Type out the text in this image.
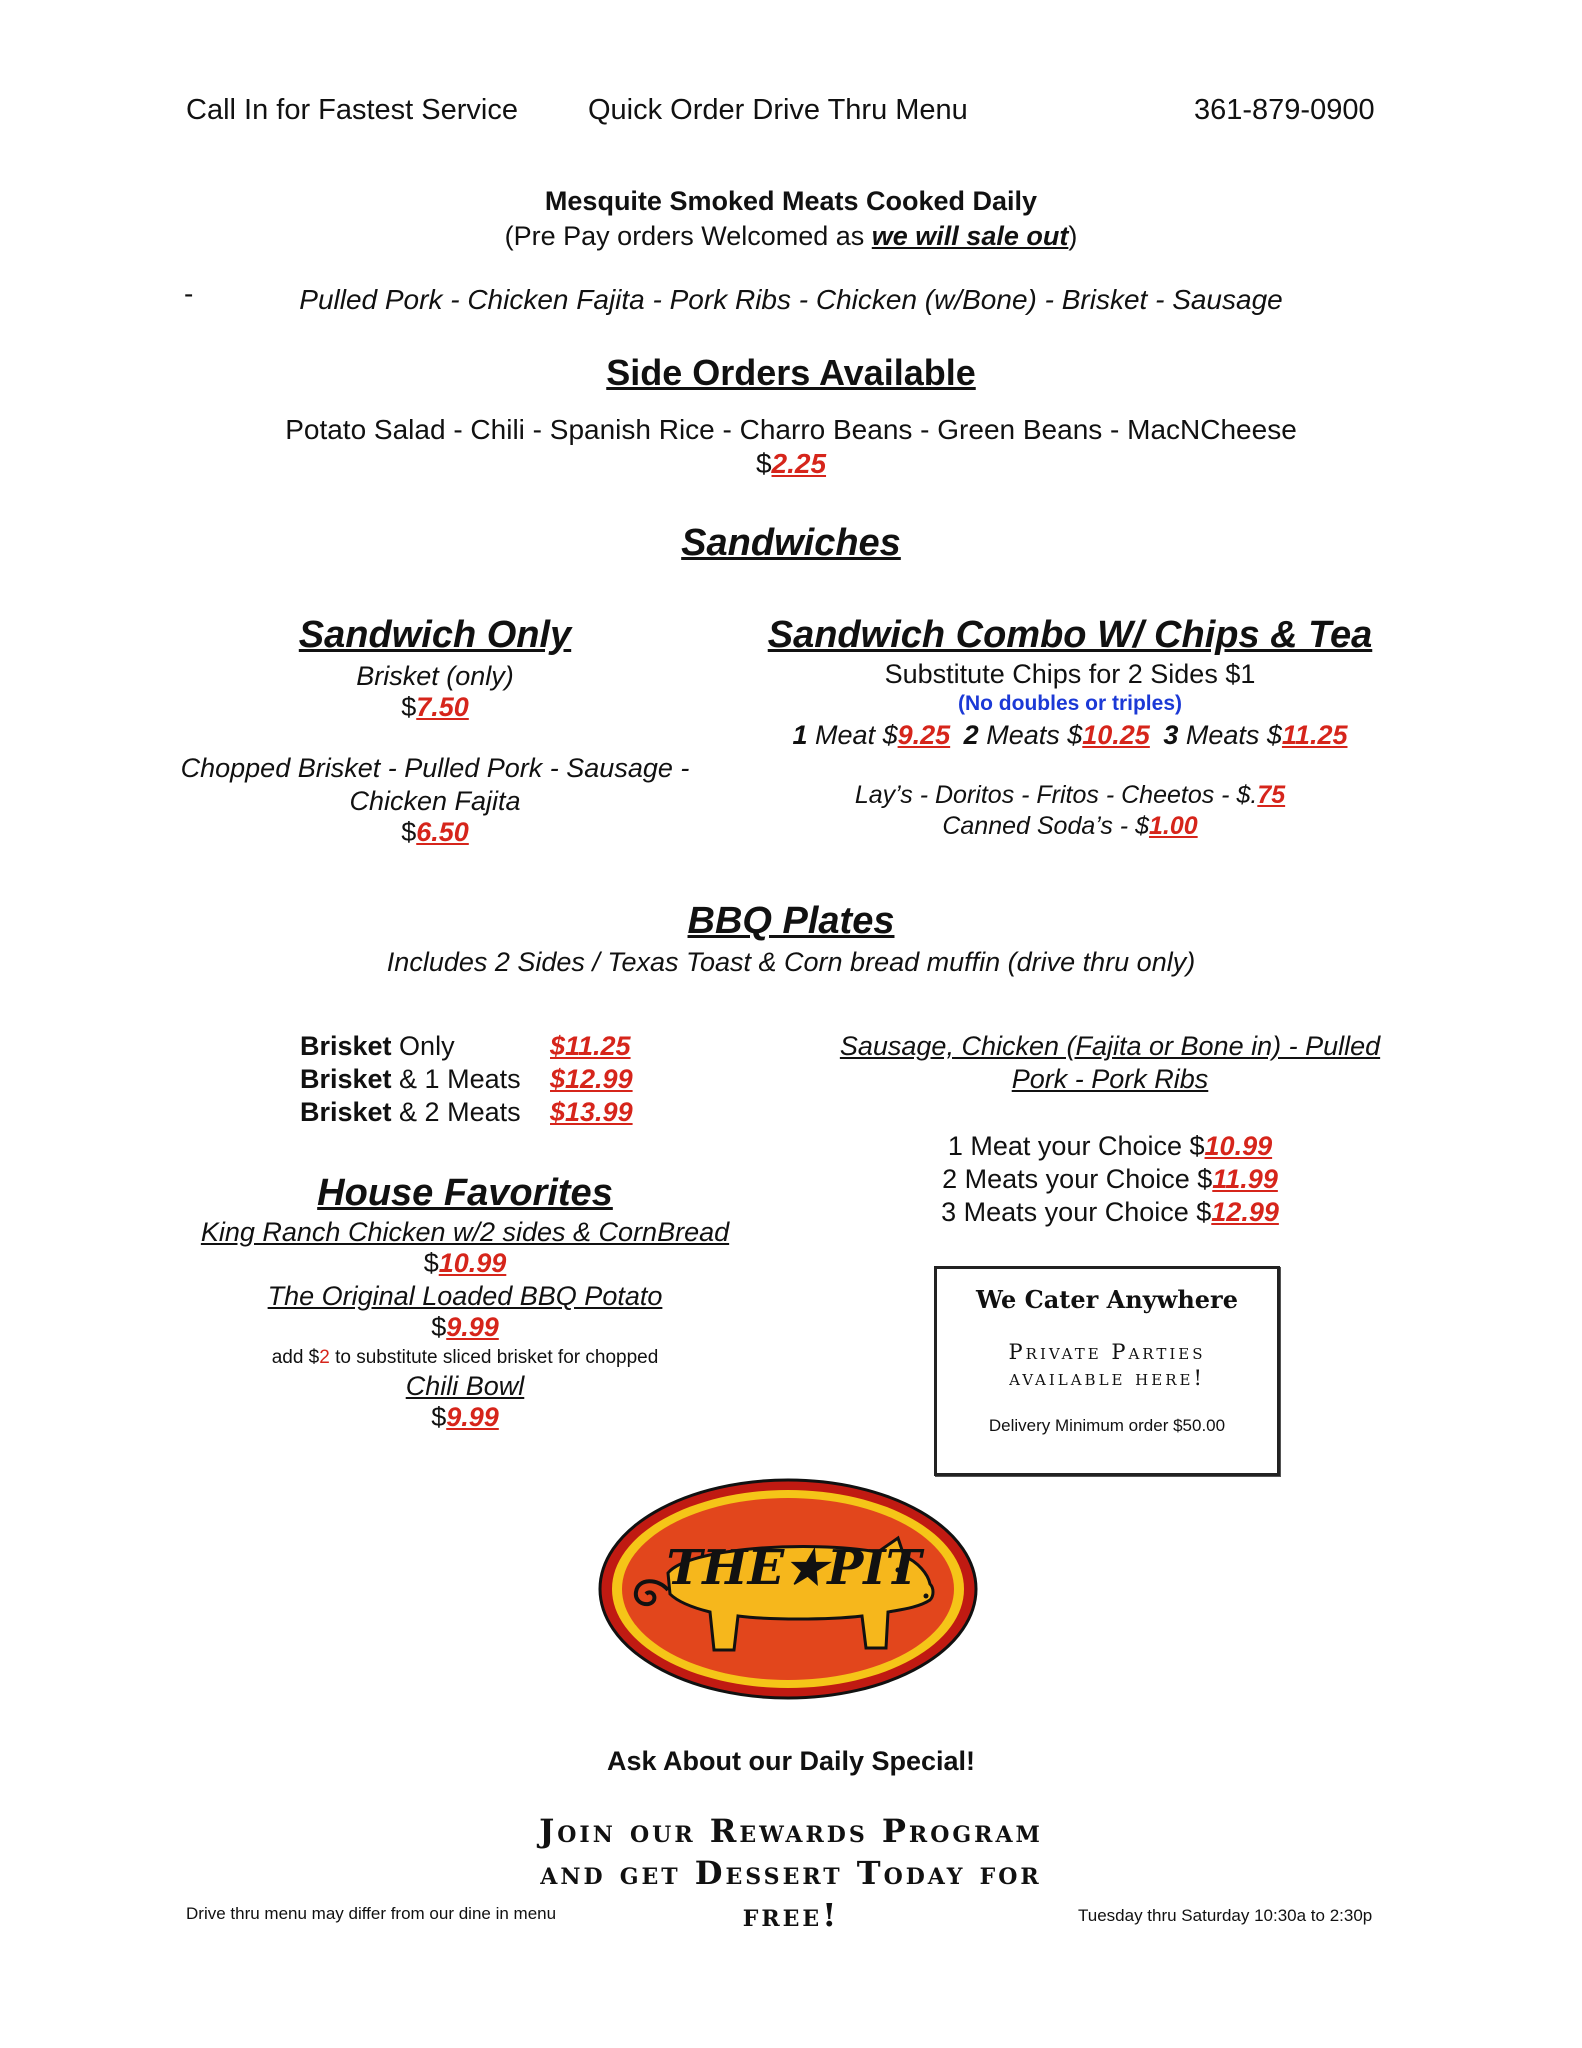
Call In for Fastest Service Quick Order Drive Thru Menu	361-879-0900
Mesquite Smoked Meats Cooked Daily
(Pre Pay orders Welcomed as we will sale out)
-	Pulled Pork - Chicken Fajita - Pork Ribs - Chicken (w/Bone) - Brisket - Sausage
Side Orders Available
Potato Salad - Chili - Spanish Rice - Charro Beans - Green Beans - MacNCheese
$2.25
Sandwiches
Sandwich Only
Brisket (only)
$7.50
Chopped Brisket - Pulled Pork - Sausage -
Chicken Fajita
$6.50
Sandwich Combo W/ Chips & Tea
Substitute Chips for 2 Sides $1
(No doubles or triples)
1 Meat $9.25 2 Meats $10.25 3 Meats $11.25
Lay’s - Doritos - Fritos - Cheetos - $.75
Canned Soda’s - $1.00
BBQ Plates
Includes 2 Sides / Texas Toast & Corn bread muffin (drive thru only)
Brisket Only	$11.25
Brisket & 1 Meats	$12.99
Brisket & 2 Meats	$13.99
Sausage, Chicken (Fajita or Bone in) - Pulled
Pork - Pork Ribs
1 Meat your Choice $10.99
2 Meats your Choice $11.99
3 Meats your Choice $12.99
House Favorites
King Ranch Chicken w/2 sides & CornBread
$10.99
The Original Loaded BBQ Potato
$9.99
add $2 to substitute sliced brisket for chopped
Chili Bowl
$9.99
We Cater Anywhere
Private Parties
available here!
Delivery Minimum order $50.00
THE★PIT
Ask About our Daily Special!
Join our Rewards Program
and get Dessert Today for
free!
Drive thru menu may differ from our dine in menu	Tuesday thru Saturday 10:30a to 2:30p
